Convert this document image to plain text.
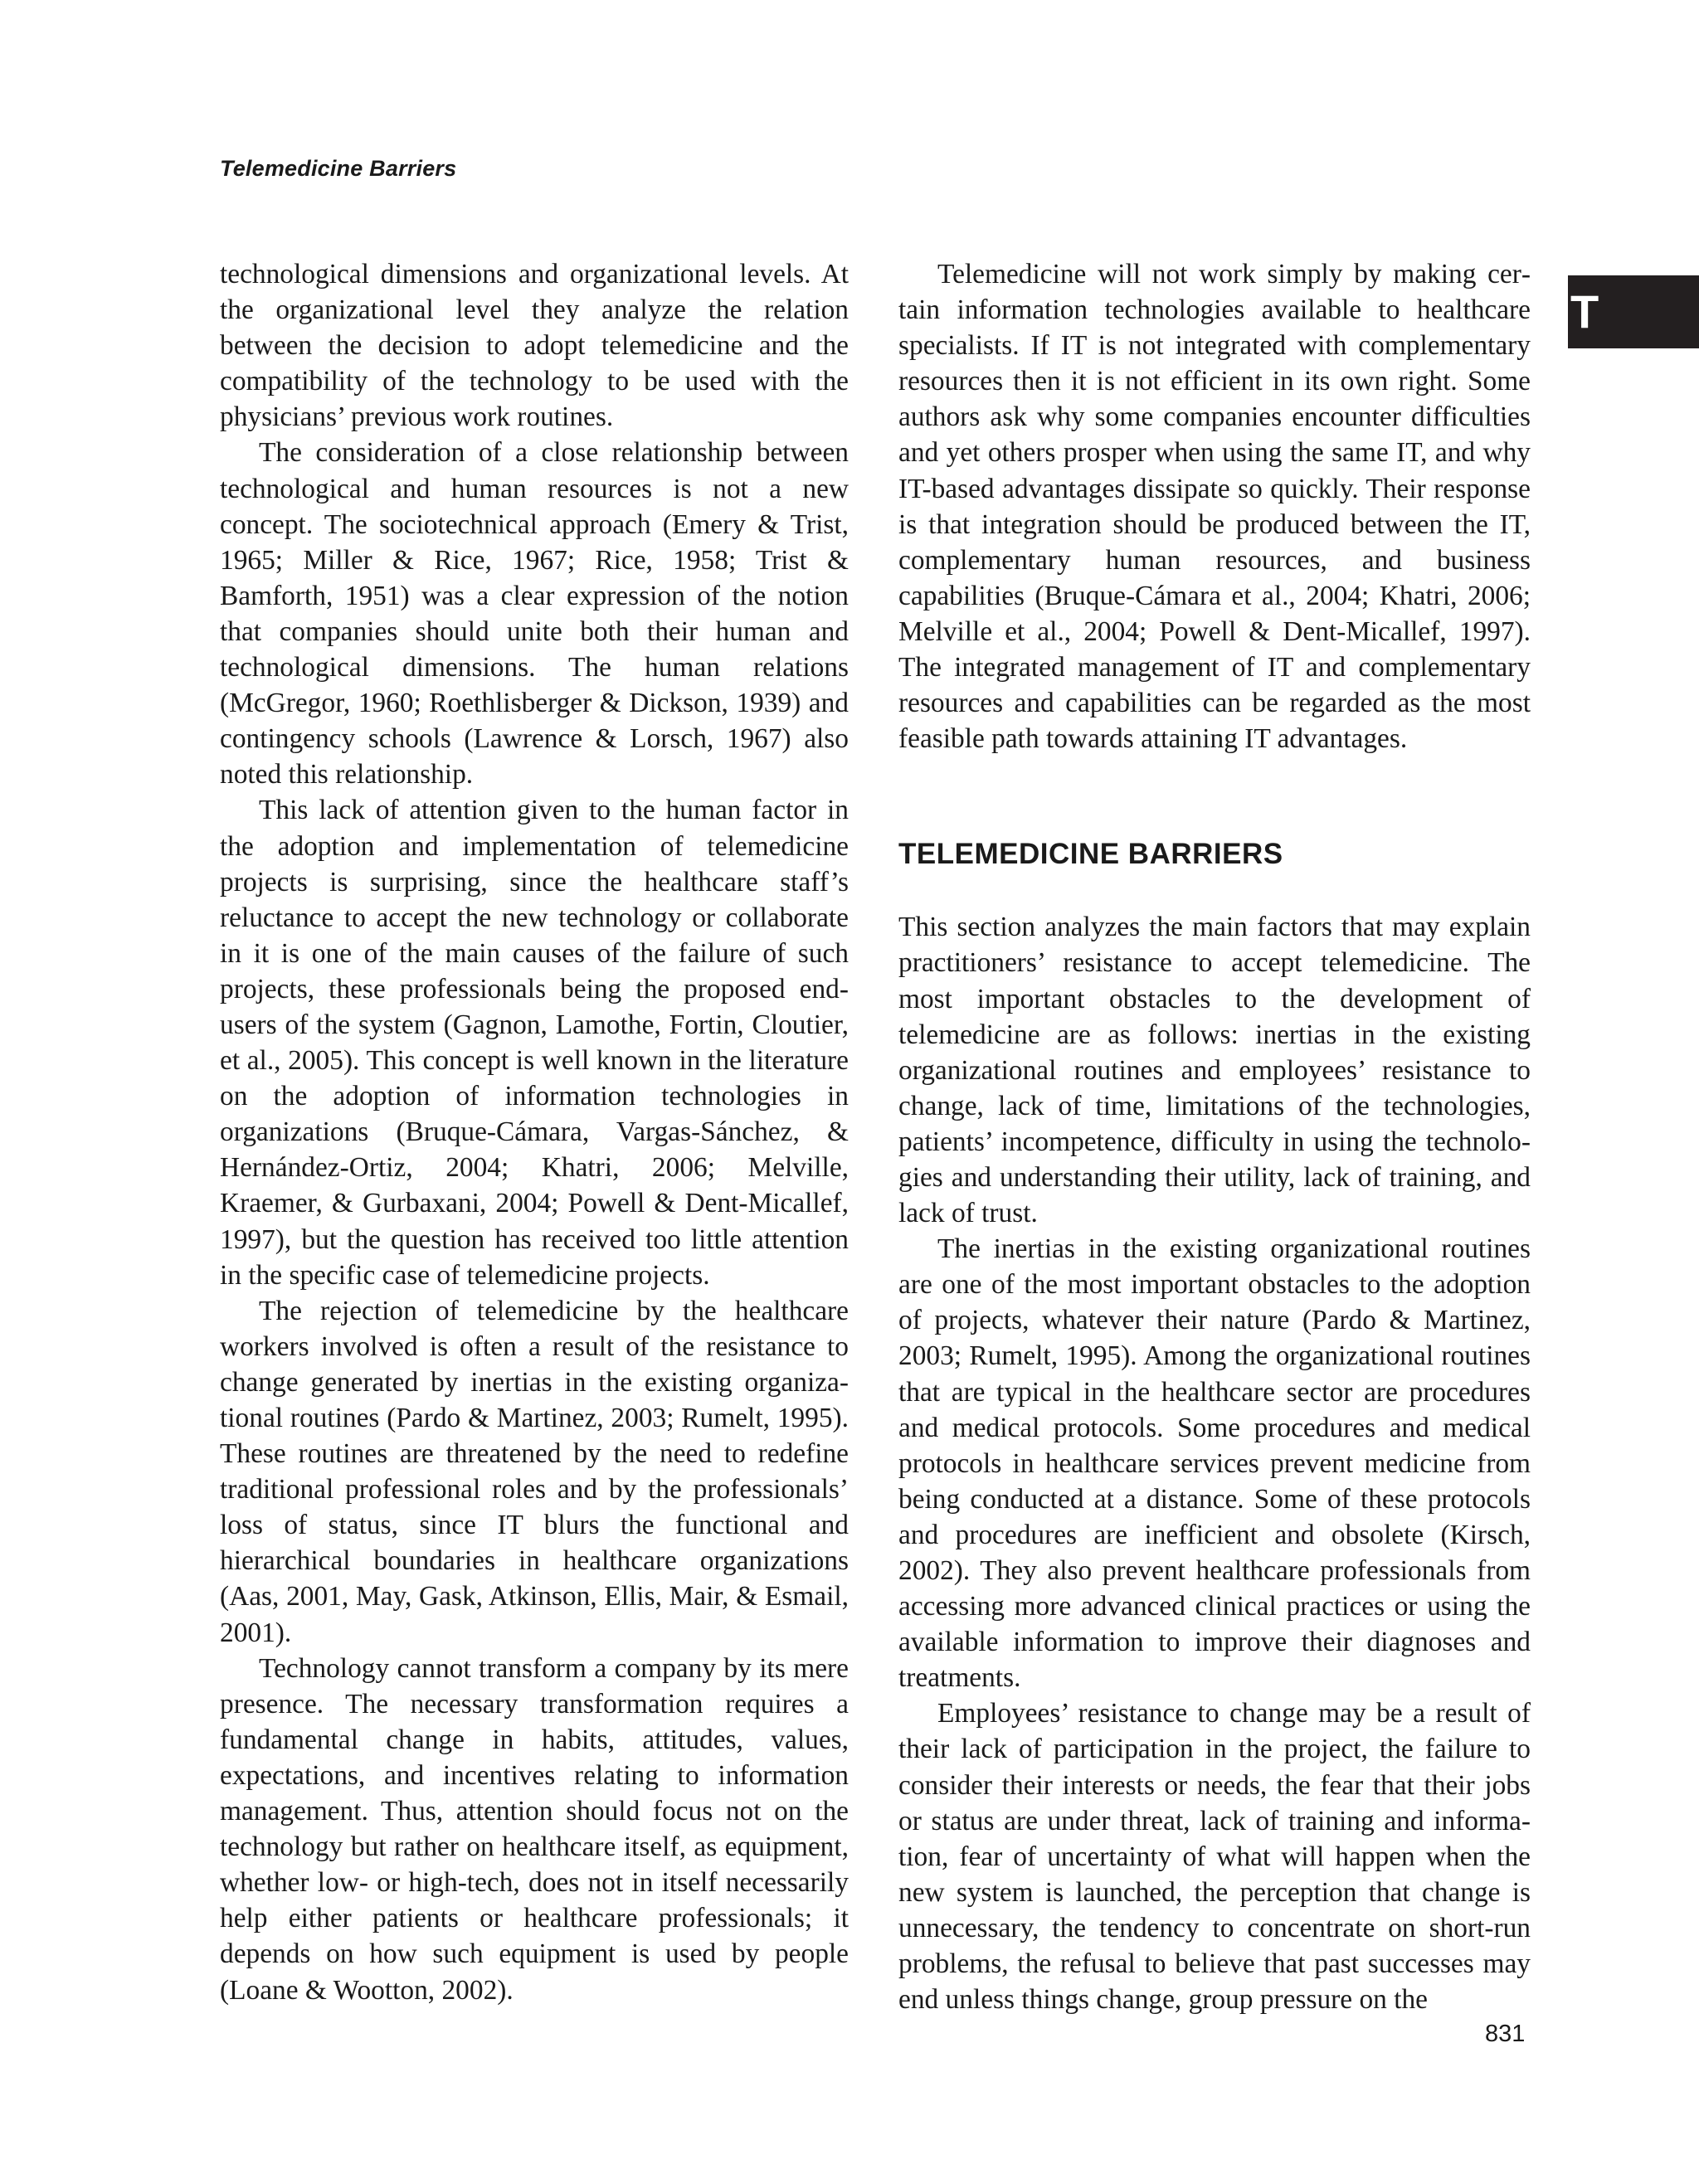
Telemedicine Barriers
T

technological dimensions and organizational levels. At the organizational level they analyze the relation between the decision to adopt telemedicine and the compatibility of the technology to be used with the physicians’ previous work routines.

The consideration of a close relationship between technological and human resources is not a new concept. The sociotechnical approach (Emery & Trist, 1965; Miller & Rice, 1967; Rice, 1958; Trist & Bamforth, 1951) was a clear expression of the notion that companies should unite both their human and technological dimensions. The human relations (McGregor, 1960; Roethlisberger & Dickson, 1939) and contingency schools (Lawrence & Lorsch, 1967) also noted this relationship.

This lack of attention given to the human factor in the adoption and implementation of telemedicine projects is surprising, since the healthcare staff’s reluctance to accept the new technology or collaborate in it is one of the main causes of the failure of such projects, these professionals being the proposed end-users of the system (Gagnon, Lamothe, Fortin, Cloutier, et al., 2005). This concept is well known in the literature on the adoption of information technologies in organizations (Bruque-Cámara, Vargas-Sánchez, & Hernández-Ortiz, 2004; Khatri, 2006; Melville, Kraemer, & Gurbaxani, 2004; Powell & Dent-Micallef, 1997), but the question has received too little attention in the specific case of telemedicine projects.

The rejection of telemedicine by the healthcare workers involved is often a result of the resistance to change generated by inertias in the existing organizational routines (Pardo & Martinez, 2003; Rumelt, 1995). These routines are threatened by the need to redefine traditional professional roles and by the professionals’ loss of status, since IT blurs the functional and hierarchical boundaries in healthcare organizations (Aas, 2001, May, Gask, Atkinson, Ellis, Mair, & Esmail, 2001).

Technology cannot transform a company by its mere presence. The necessary transformation requires a fundamental change in habits, attitudes, values, expectations, and incentives relating to information management. Thus, attention should focus not on the technology but rather on healthcare itself, as equipment, whether low- or high-tech, does not in itself necessarily help either patients or healthcare professionals; it depends on how such equipment is used by people (Loane & Wootton, 2002).

Telemedicine will not work simply by making certain information technologies available to healthcare specialists. If IT is not integrated with complementary resources then it is not efficient in its own right. Some authors ask why some companies encounter difficulties and yet others prosper when using the same IT, and why IT-based advantages dissipate so quickly. Their response is that integration should be produced between the IT, complementary human resources, and business capabilities (Bruque-Cámara et al., 2004; Khatri, 2006; Melville et al., 2004; Powell & Dent-Micallef, 1997). The integrated management of IT and complementary resources and capabilities can be regarded as the most feasible path towards attaining IT advantages.

TELEMEDICINE BARRIERS

This section analyzes the main factors that may explain practitioners’ resistance to accept telemedicine. The most important obstacles to the development of telemedicine are as follows: inertias in the existing organizational routines and employees’ resistance to change, lack of time, limitations of the technologies, patients’ incompetence, difficulty in using the technologies and understanding their utility, lack of training, and lack of trust.

The inertias in the existing organizational routines are one of the most important obstacles to the adoption of projects, whatever their nature (Pardo & Martinez, 2003; Rumelt, 1995). Among the organizational routines that are typical in the healthcare sector are procedures and medical protocols. Some procedures and medical protocols in healthcare services prevent medicine from being conducted at a distance. Some of these protocols and procedures are inefficient and obsolete (Kirsch, 2002). They also prevent healthcare professionals from accessing more advanced clinical practices or using the available information to improve their diagnoses and treatments.

Employees’ resistance to change may be a result of their lack of participation in the project, the failure to consider their interests or needs, the fear that their jobs or status are under threat, lack of training and information, fear of uncertainty of what will happen when the new system is launched, the perception that change is unnecessary, the tendency to concentrate on short-run problems, the refusal to believe that past successes may end unless things change, group pressure on the

831
